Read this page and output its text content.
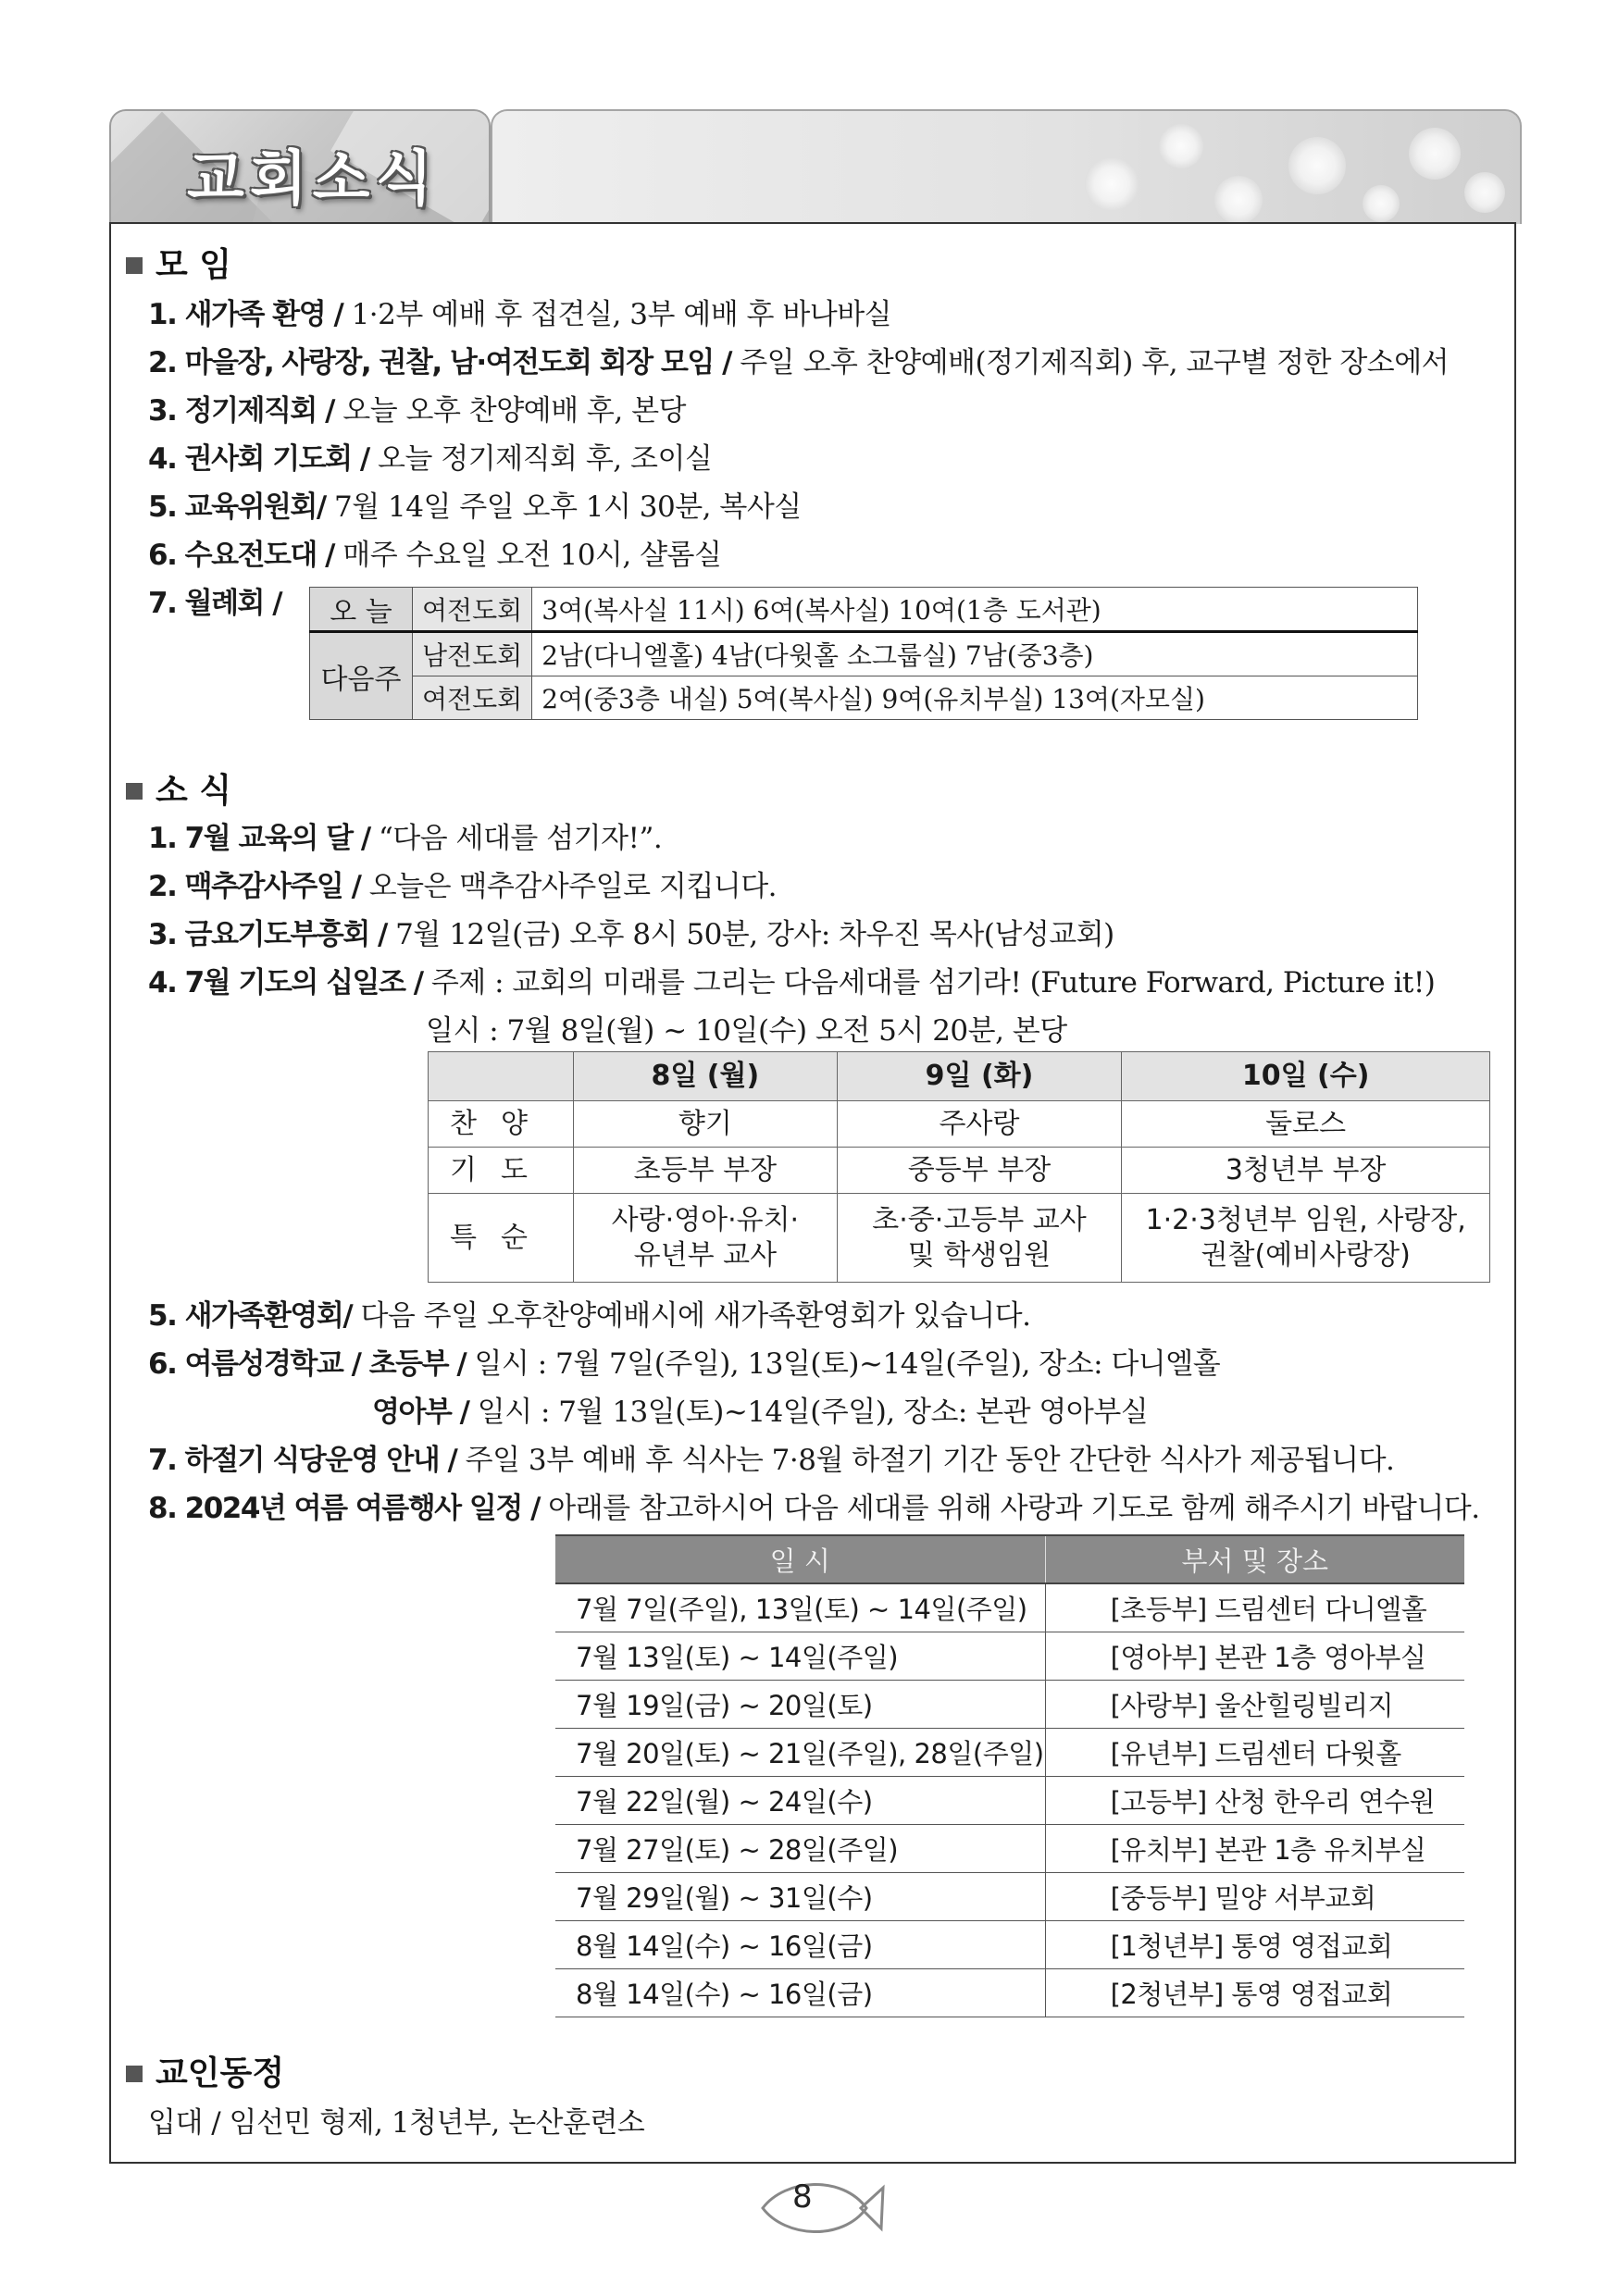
교회소식
모 임
1. 새가족 환영 / 1·2부 예배 후 접견실, 3부 예배 후 바나바실
2. 마을장, 사랑장, 권찰, 남·여전도회 회장 모임 / 주일 오후 찬양예배(정기제직회) 후, 교구별 정한 장소에서
3. 정기제직회 / 오늘 오후 찬양예배 후, 본당
4. 권사회 기도회 / 오늘 정기제직회 후, 조이실
5. 교육위원회/ 7월 14일 주일 오후 1시 30분, 복사실
6. 수요전도대 / 매주 수요일 오전 10시, 샬롬실
7. 월례회 / 오 늘	여전도회	3여(복사실 11시) 6여(복사실) 10여(1층 도서관)
다음주	남전도회	2남(다니엘홀) 4남(다윗홀 소그룹실) 7남(중3층)
	여전도회	2여(중3층 내실) 5여(복사실) 9여(유치부실) 13여(자모실)
소 식
1. 7월 교육의 달 / “다음 세대를 섬기자!”.
2. 맥추감사주일 / 오늘은 맥추감사주일로 지킵니다.
3. 금요기도부흥회 / 7월 12일(금) 오후 8시 50분, 강사: 차우진 목사(남성교회)
4. 7월 기도의 십일조 / 주제 : 교회의 미래를 그리는 다음세대를 섬기라! (Future Forward, Picture it!)
일시 : 7월 8일(월) ~ 10일(수) 오전 5시 20분, 본당
	8일 (월)	9일 (화)	10일 (수)
찬양	향기	주사랑	둘로스
기도	초등부 부장	중등부 부장	3청년부 부장
특순	사랑·영아·유치·유년부 교사	초·중·고등부 교사 및 학생임원	1·2·3청년부 임원, 사랑장, 권찰(예비사랑장)
5. 새가족환영회/ 다음 주일 오후찬양예배시에 새가족환영회가 있습니다.
6. 여름성경학교 / 초등부 / 일시 : 7월 7일(주일), 13일(토)~14일(주일), 장소: 다니엘홀
영아부 / 일시 : 7월 13일(토)~14일(주일), 장소: 본관 영아부실
7. 하절기 식당운영 안내 / 주일 3부 예배 후 식사는 7·8월 하절기 기간 동안 간단한 식사가 제공됩니다.
8. 2024년 여름 여름행사 일정 / 아래를 참고하시어 다음 세대를 위해 사랑과 기도로 함께 해주시기 바랍니다.
일 시	부서 및 장소
7월 7일(주일), 13일(토) ~ 14일(주일)	[초등부] 드림센터 다니엘홀
7월 13일(토) ~ 14일(주일)	[영아부] 본관 1층 영아부실
7월 19일(금) ~ 20일(토)	[사랑부] 울산힐링빌리지
7월 20일(토) ~ 21일(주일), 28일(주일)	[유년부] 드림센터 다윗홀
7월 22일(월) ~ 24일(수)	[고등부] 산청 한우리 연수원
7월 27일(토) ~ 28일(주일)	[유치부] 본관 1층 유치부실
7월 29일(월) ~ 31일(수)	[중등부] 밀양 서부교회
8월 14일(수) ~ 16일(금)	[1청년부] 통영 영접교회
8월 14일(수) ~ 16일(금)	[2청년부] 통영 영접교회
교인동정
입대 / 임선민 형제, 1청년부, 논산훈련소
8
